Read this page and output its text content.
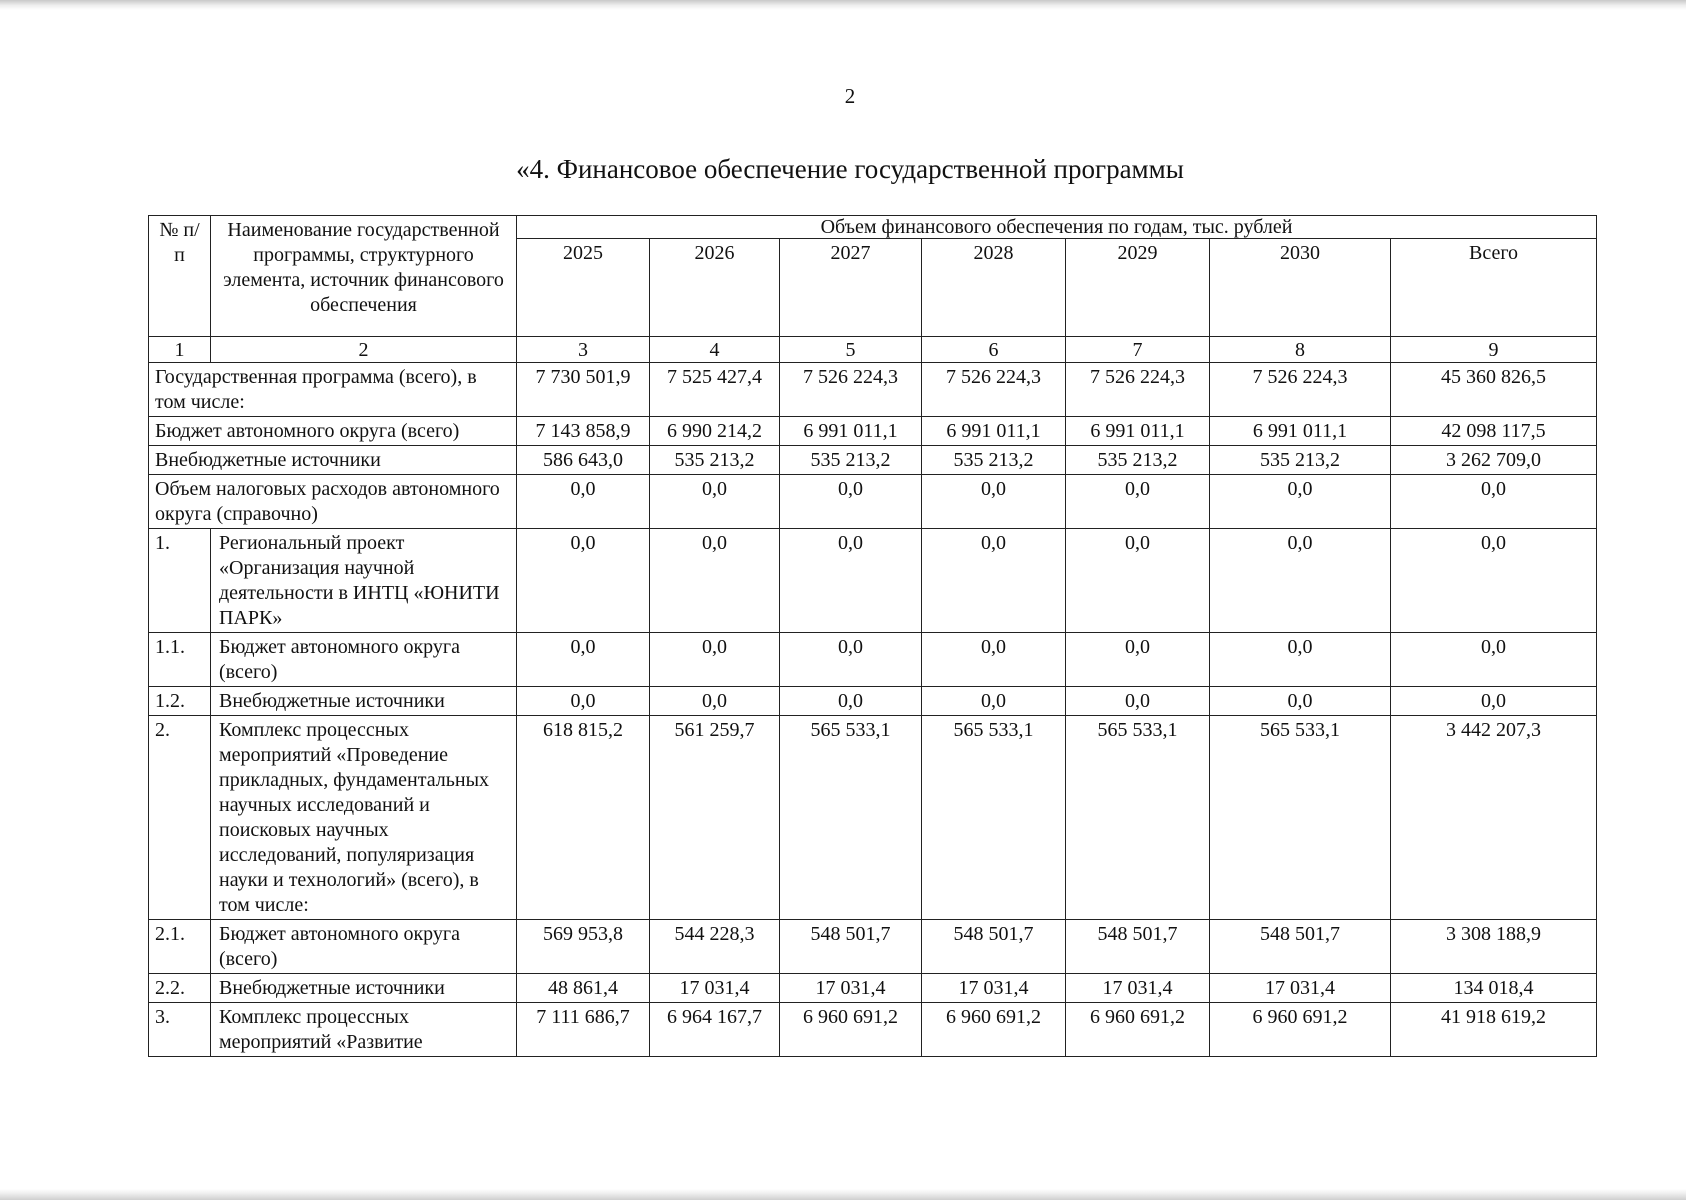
2
«4. Финансовое обеспечение государственной программы
№ п/п	Наименование государственной программы, структурного элемента, источник финансового обеспечения	Объем финансового обеспечения по годам, тыс. рублей						
		2025	2026	2027	2028	2029	2030	Всего
1	2	3	4	5	6	7	8	9
Государственная программа (всего), в том числе:		7 730 501,9	7 525 427,4	7 526 224,3	7 526 224,3	7 526 224,3	7 526 224,3	45 360 826,5
Бюджет автономного округа (всего)		7 143 858,9	6 990 214,2	6 991 011,1	6 991 011,1	6 991 011,1	6 991 011,1	42 098 117,5
Внебюджетные источники		586 643,0	535 213,2	535 213,2	535 213,2	535 213,2	535 213,2	3 262 709,0
Объем налоговых расходов автономного округа (справочно)		0,0	0,0	0,0	0,0	0,0	0,0	0,0
1.	Региональный проект «Организация научной деятельности в ИНТЦ «ЮНИТИ ПАРК»	0,0	0,0	0,0	0,0	0,0	0,0	0,0
1.1.	Бюджет автономного округа (всего)	0,0	0,0	0,0	0,0	0,0	0,0	0,0
1.2.	Внебюджетные источники	0,0	0,0	0,0	0,0	0,0	0,0	0,0
2.	Комплекс процессных мероприятий «Проведение прикладных, фундаментальных научных исследований и поисковых научных исследований, популяризация науки и технологий» (всего), в том числе:	618 815,2	561 259,7	565 533,1	565 533,1	565 533,1	565 533,1	3 442 207,3
2.1.	Бюджет автономного округа (всего)	569 953,8	544 228,3	548 501,7	548 501,7	548 501,7	548 501,7	3 308 188,9
2.2.	Внебюджетные источники	48 861,4	17 031,4	17 031,4	17 031,4	17 031,4	17 031,4	134 018,4
3.	Комплекс процессных мероприятий «Развитие	7 111 686,7	6 964 167,7	6 960 691,2	6 960 691,2	6 960 691,2	6 960 691,2	41 918 619,2
